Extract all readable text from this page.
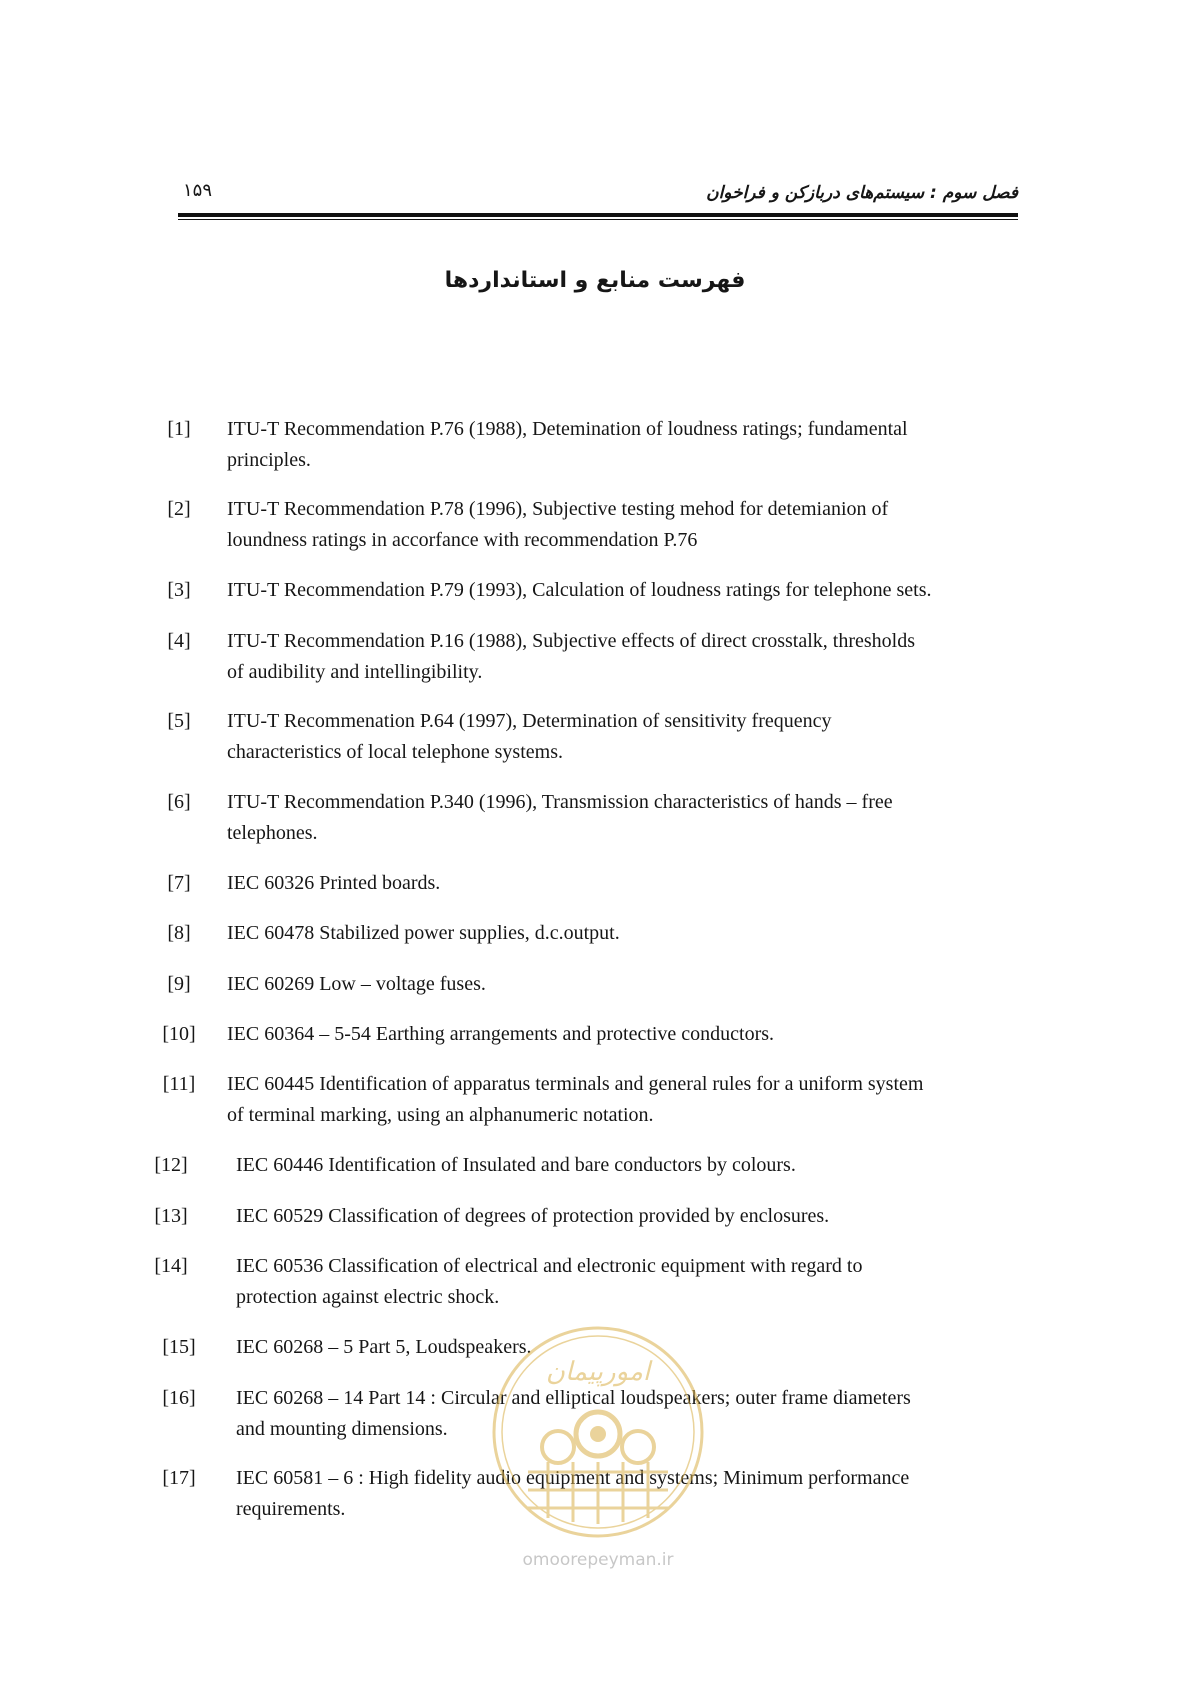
فصل سوم : سیستم‌های دربازکن و فراخوان
۱۵۹
فهرست منابع و استانداردها
[1]	ITU-T Recommendation P.76 (1988), Detemination of loudness ratings; fundamental
principles.
[2]	ITU-T Recommendation P.78 (1996), Subjective testing mehod for detemianion of
loundness ratings in accorfance with recommendation P.76
[3]	ITU-T Recommendation P.79 (1993), Calculation of loudness ratings for telephone sets.
[4]	ITU-T Recommendation P.16 (1988), Subjective effects of direct crosstalk, thresholds
of audibility and intellingibility.
[5]	ITU-T Recommenation P.64 (1997), Determination of sensitivity frequency
characteristics of local telephone systems.
[6]	ITU-T Recommendation P.340 (1996), Transmission characteristics of hands – free
telephones.
[7]	IEC 60326 Printed boards.
[8]	IEC 60478 Stabilized power supplies, d.c.output.
[9]	IEC 60269 Low – voltage fuses.
[10]	IEC 60364 – 5-54 Earthing arrangements and protective conductors.
[11]	IEC 60445 Identification of apparatus terminals and general rules for a uniform system
of terminal marking, using an alphanumeric notation.
[12]	IEC 60446 Identification of Insulated and bare conductors by colours.
[13]	IEC 60529 Classification of degrees of protection provided by enclosures.
[14]	IEC 60536 Classification of electrical and electronic equipment with regard to
protection against electric shock.
[15]	IEC 60268 – 5 Part 5, Loudspeakers.
[16]	IEC 60268 – 14 Part 14 : Circular and elliptical loudspeakers; outer frame diameters
and mounting dimensions.
[17]	IEC 60581 – 6 : High fidelity audio equipment and systems; Minimum performance
requirements.
امورپیمان
omoorepeyman.ir
